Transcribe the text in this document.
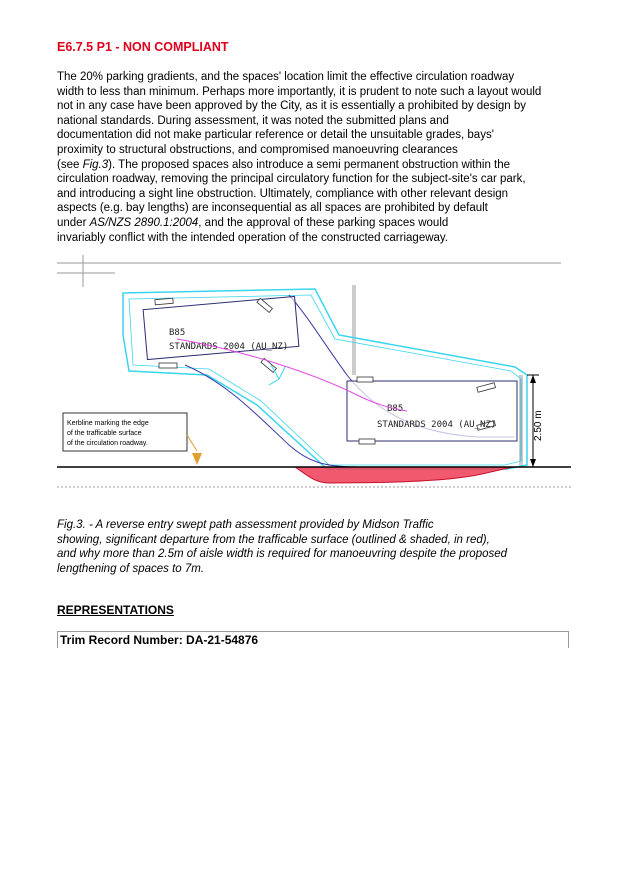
E6.7.5 P1 - NON COMPLIANT
The 20% parking gradients, and the spaces' location limit the effective circulation roadway
width to less than minimum. Perhaps more importantly, it is prudent to note such a layout would
not in any case have been approved by the City, as it is essentially a prohibited by design by
national standards. During assessment, it was noted the submitted plans and
documentation did not make particular reference or detail the unsuitable grades, bays'
proximity to structural obstructions, and compromised manoeuvring clearances
(see Fig.3). The proposed spaces also introduce a semi permanent obstruction within the
circulation roadway, removing the principal circulatory function for the subject-site's car park,
and introducing a sight line obstruction. Ultimately, compliance with other relevant design
aspects (e.g. bay lengths) are inconsequential as all spaces are prohibited by default
under AS/NZS 2890.1:2004, and the approval of these parking spaces would
invariably conflict with the intended operation of the constructed carriageway.
B85
STANDARDS 2004 (AU_NZ)
B85
STANDARDS 2004 (AU_NZ)	2.50 m
Kerbline marking the edge
of the trafficable surface
of the circulation roadway.
Fig.3. - A reverse entry swept path assessment provided by Midson Traffic
showing, significant departure from the trafficable surface (outlined & shaded, in red),
and why more than 2.5m of aisle width is required for manoeuvring despite the proposed
lengthening of spaces to 7m.
REPRESENTATIONS
Trim Record Number: DA-21-54876
